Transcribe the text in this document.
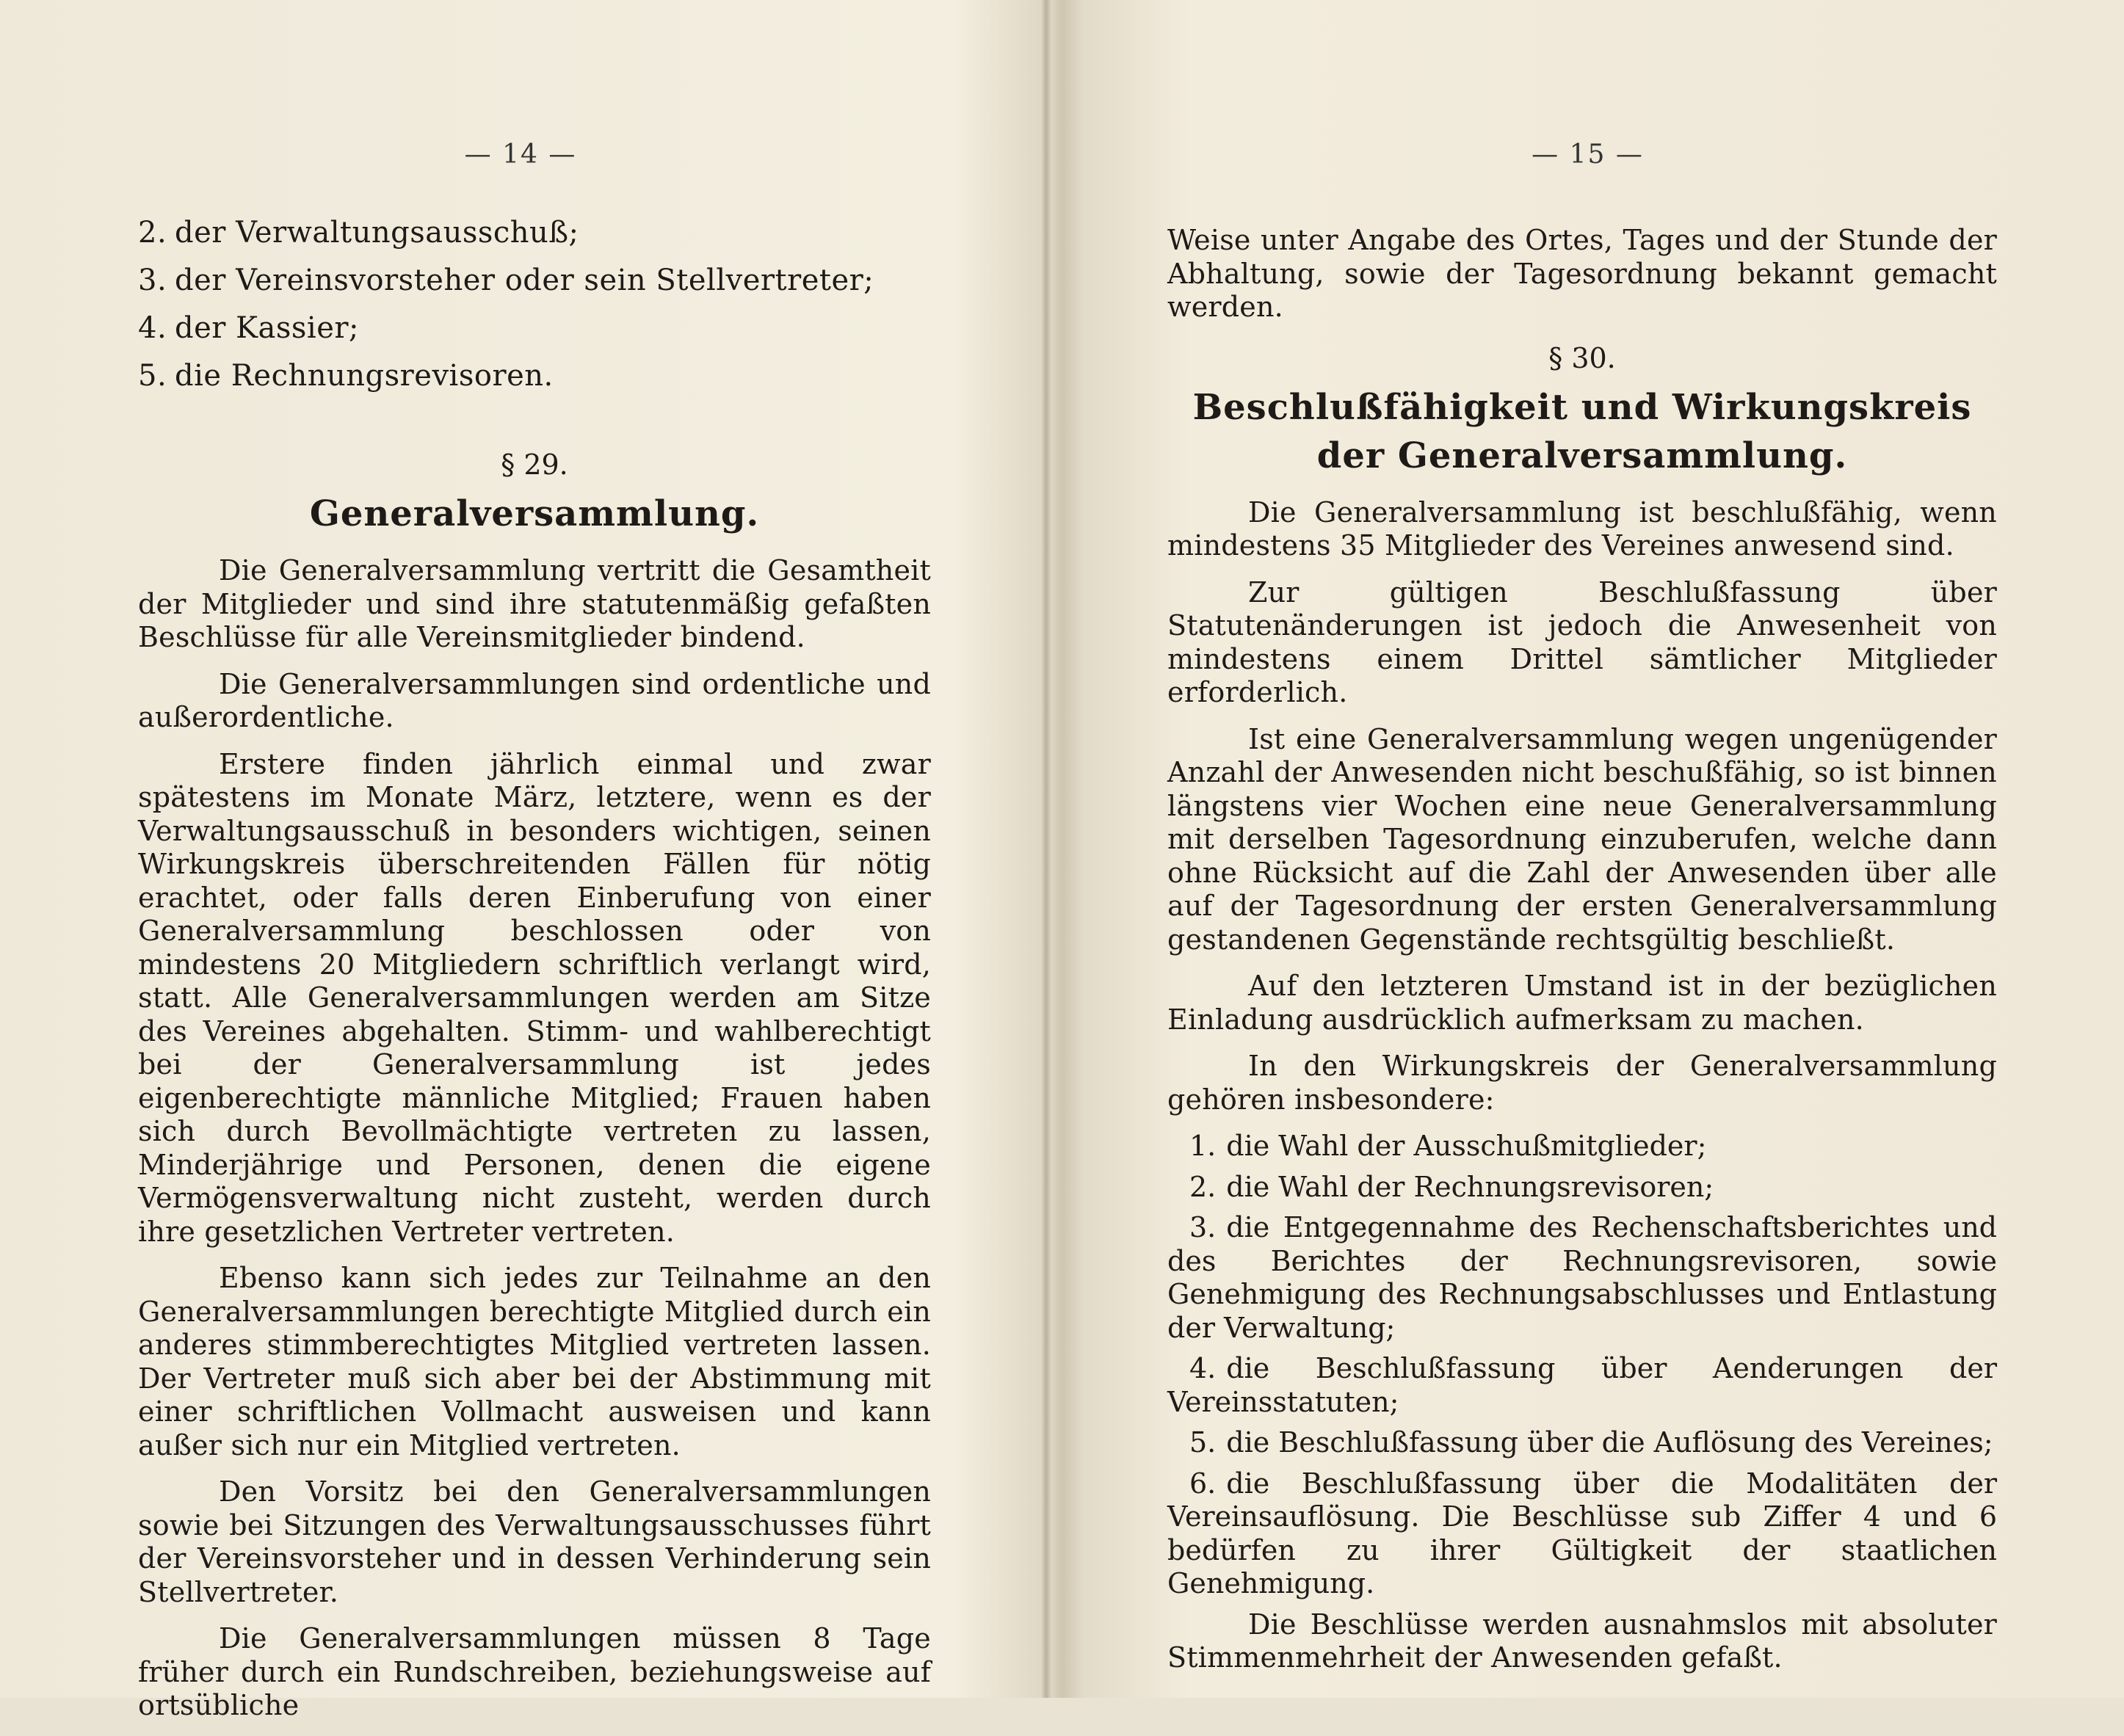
— 14 —
2. der Verwaltungsausschuß;
3. der Vereinsvorsteher oder sein Stellvertreter;
4. der Kassier;
5. die Rechnungsrevisoren.
§ 29.
Generalversammlung.

Die Generalversammlung vertritt die Gesamtheit der Mitglieder und sind ihre statutenmäßig gefaßten Beschlüsse für alle Vereinsmitglieder bindend.

Die Generalversammlungen sind ordentliche und außerordentliche.

Erstere finden jährlich einmal und zwar spätestens im Monate März, letztere, wenn es der Verwaltungsausschuß in besonders wichtigen, seinen Wirkungskreis überschreitenden Fällen für nötig erachtet, oder falls deren Einberufung von einer Generalversammlung beschlossen oder von mindestens 20 Mitgliedern schriftlich verlangt wird, statt. Alle Generalversammlungen werden am Sitze des Vereines abgehalten. Stimm- und wahlberechtigt bei der Generalversammlung ist jedes eigenberechtigte männliche Mitglied; Frauen haben sich durch Bevollmächtigte vertreten zu lassen, Minderjährige und Personen, denen die eigene Vermögensverwaltung nicht zusteht, werden durch ihre gesetzlichen Vertreter vertreten.

Ebenso kann sich jedes zur Teilnahme an den Generalversammlungen berechtigte Mitglied durch ein anderes stimmberechtigtes Mitglied vertreten lassen. Der Vertreter muß sich aber bei der Abstimmung mit einer schriftlichen Vollmacht ausweisen und kann außer sich nur ein Mitglied vertreten.

Den Vorsitz bei den Generalversammlungen sowie bei Sitzungen des Verwaltungsausschusses führt der Vereinsvorsteher und in dessen Verhinderung sein Stellvertreter.

Die Generalversammlungen müssen 8 Tage früher durch ein Rundschreiben, beziehungsweise auf ortsübliche

— 15 —

Weise unter Angabe des Ortes, Tages und der Stunde der Abhaltung, sowie der Tagesordnung bekannt gemacht werden.

§ 30.
Beschlußfähigkeit und Wirkungskreis
der Generalversammlung.

Die Generalversammlung ist beschlußfähig, wenn mindestens 35 Mitglieder des Vereines anwesend sind.

Zur gültigen Beschlußfassung über Statutenänderungen ist jedoch die Anwesenheit von mindestens einem Drittel sämtlicher Mitglieder erforderlich.

Ist eine Generalversammlung wegen ungenügender Anzahl der Anwesenden nicht beschußfähig, so ist binnen längstens vier Wochen eine neue Generalversammlung mit derselben Tagesordnung einzuberufen, welche dann ohne Rücksicht auf die Zahl der Anwesenden über alle auf der Tagesordnung der ersten Generalversammlung gestandenen Gegenstände rechtsgültig beschließt.

Auf den letzteren Umstand ist in der bezüglichen Einladung ausdrücklich aufmerksam zu machen.

In den Wirkungskreis der Generalversammlung gehören insbesondere:

1. die Wahl der Ausschußmitglieder;

2. die Wahl der Rechnungsrevisoren;

3. die Entgegennahme des Rechenschaftsberichtes und des Berichtes der Rechnungsrevisoren, sowie Genehmigung des Rechnungsabschlusses und Entlastung der Verwaltung;

4. die Beschlußfassung über Aenderungen der Vereinsstatuten;

5. die Beschlußfassung über die Auflösung des Vereines;

6. die Beschlußfassung über die Modalitäten der Vereinsauflösung. Die Beschlüsse sub Ziffer 4 und 6 bedürfen zu ihrer Gültigkeit der staatlichen Genehmigung.

Die Beschlüsse werden ausnahmslos mit absoluter Stimmenmehrheit der Anwesenden gefaßt.
